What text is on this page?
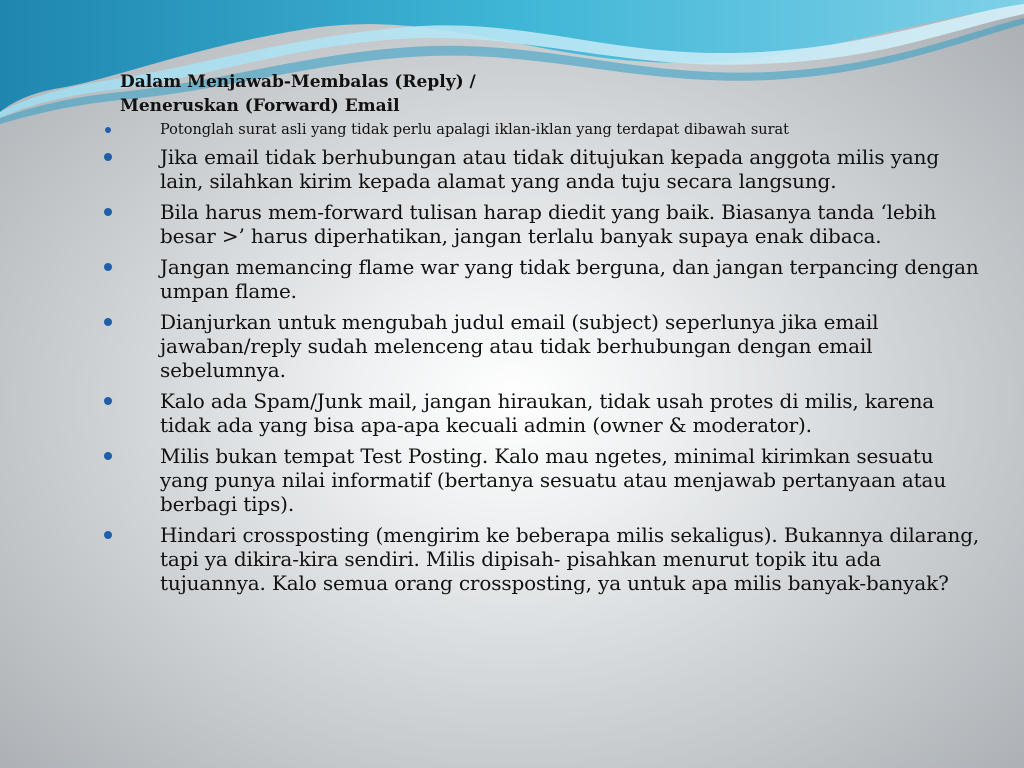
Dalam Menjawab-Membalas (Reply) /
Meneruskan (Forward) Email
Potonglah surat asli yang tidak perlu apalagi iklan-iklan yang terdapat dibawah surat
Jika email tidak berhubungan atau tidak ditujukan kepada anggota milis yang lain, silahkan kirim kepada alamat yang anda tuju secara langsung.
Bila harus mem-forward tulisan harap diedit yang baik. Biasanya tanda ‘lebih besar >’ harus diperhatikan, jangan terlalu banyak supaya enak dibaca.
Jangan memancing flame war yang tidak berguna, dan jangan terpancing dengan umpan flame.
Dianjurkan untuk mengubah judul email (subject) seperlunya jika email jawaban/reply sudah melenceng atau tidak berhubungan dengan email sebelumnya.
Kalo ada Spam/Junk mail, jangan hiraukan, tidak usah protes di milis, karena tidak ada yang bisa apa-apa kecuali admin (owner & moderator).
Milis bukan tempat Test Posting. Kalo mau ngetes, minimal kirimkan sesuatu yang punya nilai informatif (bertanya sesuatu atau menjawab pertanyaan atau berbagi tips).
Hindari crossposting (mengirim ke beberapa milis sekaligus). Bukannya dilarang, tapi ya dikira-kira sendiri. Milis dipisah- pisahkan menurut topik itu ada tujuannya. Kalo semua orang crossposting, ya untuk apa milis banyak-banyak?
